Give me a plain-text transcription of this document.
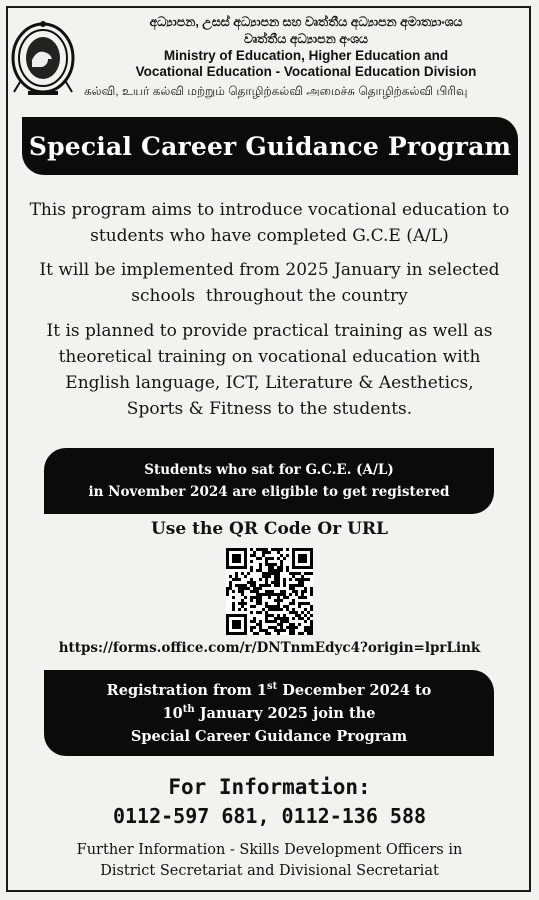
අධ්‍යාපන, උසස් අධ්‍යාපන සහ වෘත්තීය අධ්‍යාපන අමාත්‍යාංශය
වෘත්තීය අධ්‍යාපන අංශය
Ministry of Education, Higher Education and
Vocational Education - Vocational Education Division
கல்வி, உயர் கல்வி மற்றும் தொழிற்கல்வி அமைச்சு தொழிற்கல்வி பிரிவு
Special Career Guidance Program
This program aims to introduce vocational education to
students who have completed G.C.E (A/L)
It will be implemented from 2025 January in selected
schools  throughout the country
It is planned to provide practical training as well as
theoretical training on vocational education with
English language, ICT, Literature & Aesthetics,
Sports & Fitness to the students.
Students who sat for G.C.E. (A/L)
in November 2024 are eligible to get registered
Use the QR Code Or URL
https://forms.office.com/r/DNTnmEdyc4?origin=lprLink
Registration from 1st December 2024 to
10th January 2025 join the
Special Career Guidance Program
For Information:
0112-597 681, 0112-136 588
Further Information - Skills Development Officers in
District Secretariat and Divisional Secretariat
